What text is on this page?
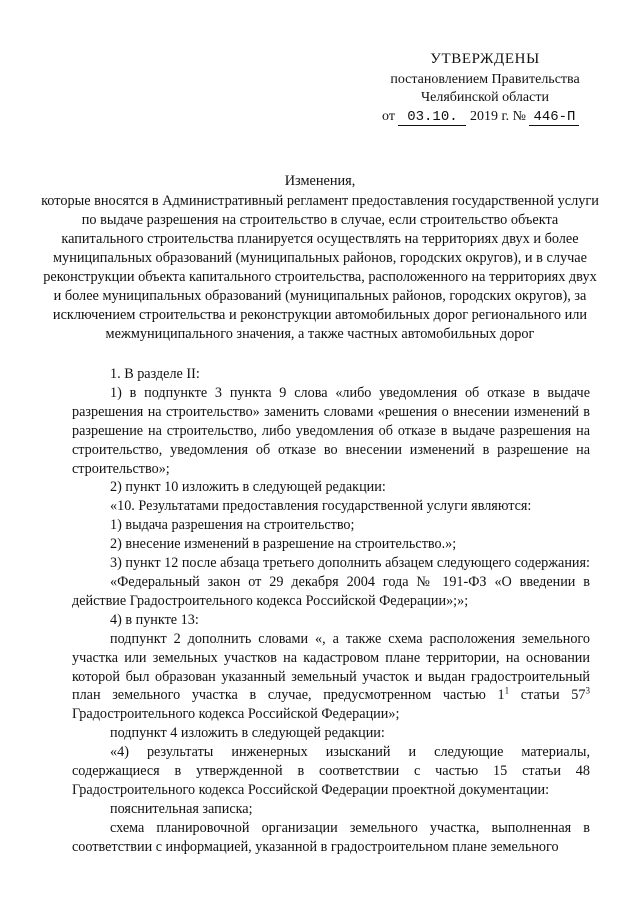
УТВЕРЖДЕНЫ
постановлением Правительства
Челябинской области
от 03.10. 2019 г. № 446-П
Изменения,
которые вносятся в Административный регламент предоставления государственной услуги по выдаче разрешения на строительство в случае, если строительство объекта капитального строительства планируется осуществлять на территориях двух и более муниципальных образований (муниципальных районов, городских округов), и в случае реконструкции объекта капитального строительства, расположенного на территориях двух и более муниципальных образований (муниципальных районов, городских округов), за исключением строительства и реконструкции автомобильных дорог регионального или межмуниципального значения, а также частных автомобильных дорог

1. В разделе II:

1) в подпункте 3 пункта 9 слова «либо уведомления об отказе в выдаче разрешения на строительство» заменить словами «решения о внесении изменений в разрешение на строительство, либо уведомления об отказе в выдаче разрешения на строительство, уведомления об отказе во внесении изменений в разрешение на строительство»;

2) пункт 10 изложить в следующей редакции:

«10. Результатами предоставления государственной услуги являются:

1) выдача разрешения на строительство;

2) внесение изменений в разрешение на строительство.»;

3) пункт 12 после абзаца третьего дополнить абзацем следующего содержания:

«Федеральный закон от 29 декабря 2004 года № 191-ФЗ «О введении в действие Градостроительного кодекса Российской Федерации»;»;

4) в пункте 13:

подпункт 2 дополнить словами «, а также схема расположения земельного участка или земельных участков на кадастровом плане территории, на основании которой был образован указанный земельный участок и выдан градостроительный план земельного участка в случае, предусмотренном частью $1^1$ статьи $57^3$ Градостроительного кодекса Российской Федерации»;

подпункт 4 изложить в следующей редакции:

«4) результаты инженерных изысканий и следующие материалы, содержащиеся в утвержденной в соответствии с частью 15 статьи 48 Градостроительного кодекса Российской Федерации проектной документации:

пояснительная записка;

схема планировочной организации земельного участка, выполненная в соответствии с информацией, указанной в градостроительном плане земельного
